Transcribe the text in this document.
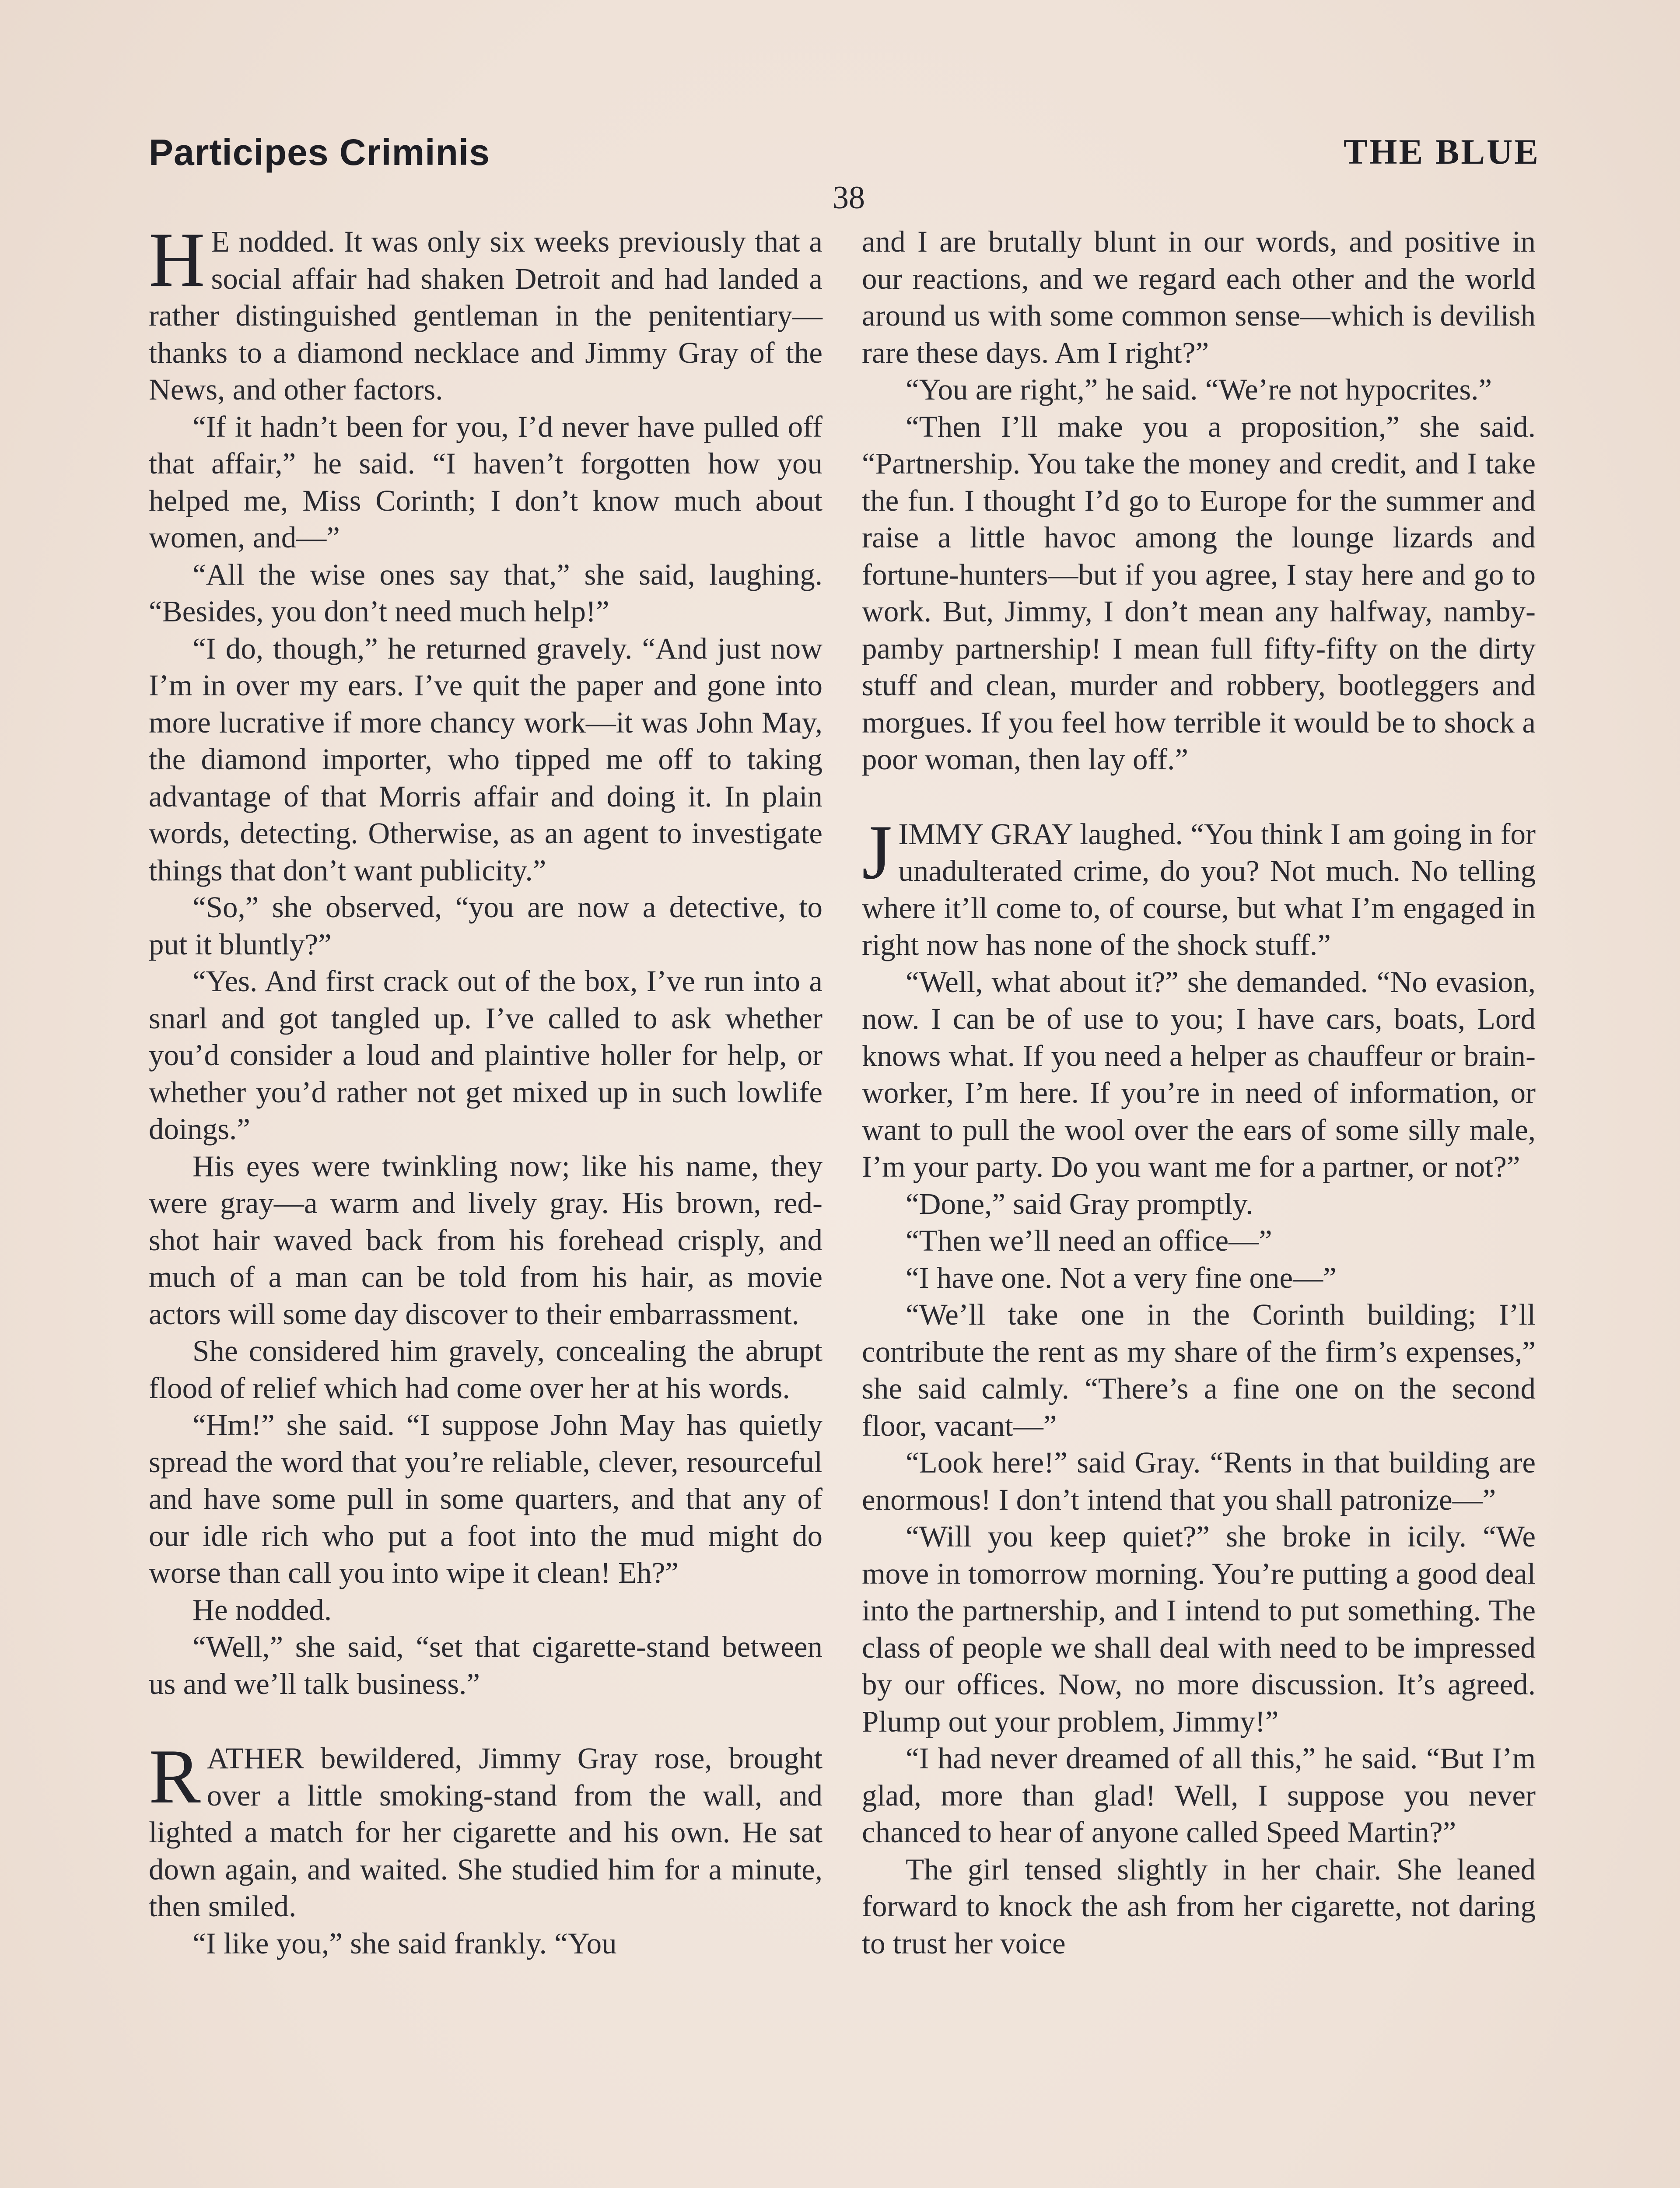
Participes Criminis	THE BLUE
38

H E nodded. It was only six weeks previously that a social affair had shaken Detroit and had landed a rather distinguished gentleman in the penitentiary—thanks to a diamond necklace and Jimmy Gray of the News, and other factors.

“If it hadn’t been for you, I’d never have pulled off that affair,” he said. “I haven’t forgotten how you helped me, Miss Corinth; I don’t know much about women, and—”

“All the wise ones say that,” she said, laughing. “Besides, you don’t need much help!”

“I do, though,” he returned gravely. “And just now I’m in over my ears. I’ve quit the paper and gone into more lucrative if more chancy work—it was John May, the diamond importer, who tipped me off to taking advantage of that Morris affair and doing it. In plain words, detecting. Otherwise, as an agent to investigate things that don’t want publicity.”

“So,” she observed, “you are now a detective, to put it bluntly?”

“Yes. And first crack out of the box, I’ve run into a snarl and got tangled up. I’ve called to ask whether you’d consider a loud and plaintive holler for help, or whether you’d rather not get mixed up in such lowlife doings.”

His eyes were twinkling now; like his name, they were gray—a warm and lively gray. His brown, red-shot hair waved back from his forehead crisply, and much of a man can be told from his hair, as movie actors will some day discover to their embarrassment.

She considered him gravely, concealing the abrupt flood of relief which had come over her at his words.

“Hm!” she said. “I suppose John May has quietly spread the word that you’re reliable, clever, resourceful and have some pull in some quarters, and that any of our idle rich who put a foot into the mud might do worse than call you into wipe it clean! Eh?”

He nodded.

“Well,” she said, “set that cigarette-stand between us and we’ll talk business.”

RATHER bewildered, Jimmy Gray rose, brought over a little smoking-stand from the wall, and lighted a match for her cigarette and his own. He sat down again, and waited. She studied him for a minute, then smiled.

“I like you,” she said frankly. “You

and I are brutally blunt in our words, and positive in our reactions, and we regard each other and the world around us with some common sense—which is devilish rare these days. Am I right?”

“You are right,” he said. “We’re not hypocrites.”

“Then I’ll make you a proposition,” she said. “Partnership. You take the money and credit, and I take the fun. I thought I’d go to Europe for the summer and raise a little havoc among the lounge lizards and fortune-hunters—but if you agree, I stay here and go to work. But, Jimmy, I don’t mean any halfway, namby-pamby partnership! I mean full fifty-fifty on the dirty stuff and clean, murder and robbery, bootleggers and morgues. If you feel how terrible it would be to shock a poor woman, then lay off.”

JIMMY GRAY laughed. “You think I am going in for unadulterated crime, do you? Not much. No telling where it’ll come to, of course, but what I’m engaged in right now has none of the shock stuff.”

“Well, what about it?” she demanded. “No evasion, now. I can be of use to you; I have cars, boats, Lord knows what. If you need a helper as chauffeur or brain-worker, I’m here. If you’re in need of information, or want to pull the wool over the ears of some silly male, I’m your party. Do you want me for a partner, or not?”

“Done,” said Gray promptly.

“Then we’ll need an office—”

“I have one. Not a very fine one—”

“We’ll take one in the Corinth building; I’ll contribute the rent as my share of the firm’s expenses,” she said calmly. “There’s a fine one on the second floor, vacant—”

“Look here!” said Gray. “Rents in that building are enormous! I don’t intend that you shall patronize—”

“Will you keep quiet?” she broke in icily. “We move in tomorrow morning. You’re putting a good deal into the partnership, and I intend to put something. The class of people we shall deal with need to be impressed by our offices. Now, no more discussion. It’s agreed. Plump out your problem, Jimmy!”

“I had never dreamed of all this,” he said. “But I’m glad, more than glad! Well, I suppose you never chanced to hear of anyone called Speed Martin?”

The girl tensed slightly in her chair. She leaned forward to knock the ash from her cigarette, not daring to trust her voice
